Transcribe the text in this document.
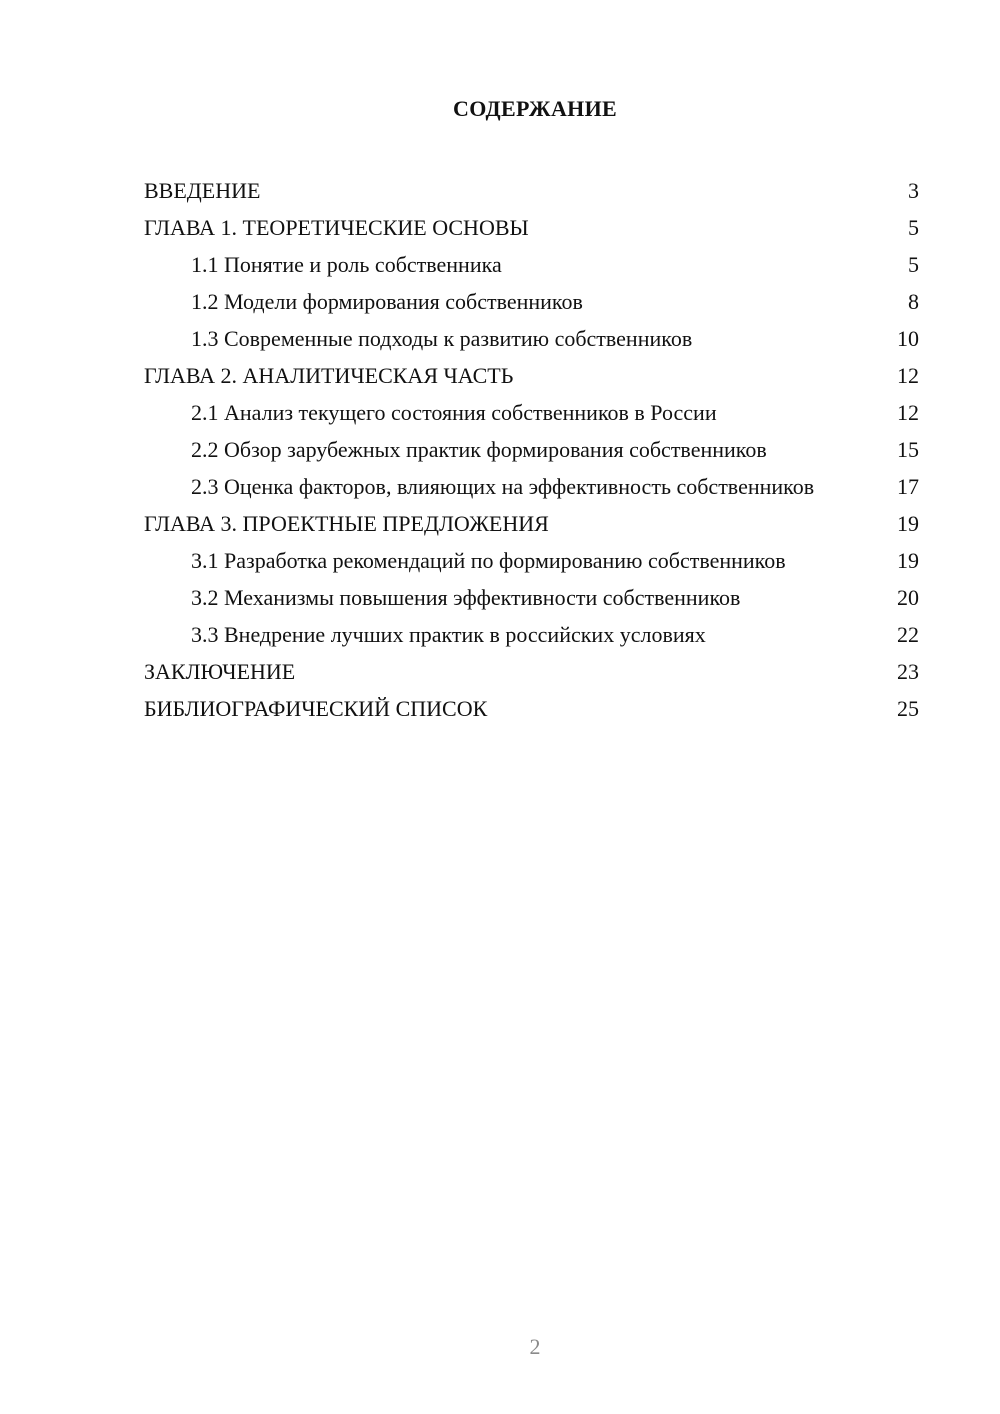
СОДЕРЖАНИЕ
ВВЕДЕНИЕ	3
ГЛАВА 1. ТЕОРЕТИЧЕСКИЕ ОСНОВЫ	5
1.1 Понятие и роль собственника	5
1.2 Модели формирования собственников	8
1.3 Современные подходы к развитию собственников	10
ГЛАВА 2. АНАЛИТИЧЕСКАЯ ЧАСТЬ	12
2.1 Анализ текущего состояния собственников в России	12
2.2 Обзор зарубежных практик формирования собственников	15
2.3 Оценка факторов, влияющих на эффективность собственников	17
ГЛАВА 3. ПРОЕКТНЫЕ ПРЕДЛОЖЕНИЯ	19
3.1 Разработка рекомендаций по формированию собственников	19
3.2 Механизмы повышения эффективности собственников	20
3.3 Внедрение лучших практик в российских условиях	22
ЗАКЛЮЧЕНИЕ	23
БИБЛИОГРАФИЧЕСКИЙ СПИСОК	25
2
